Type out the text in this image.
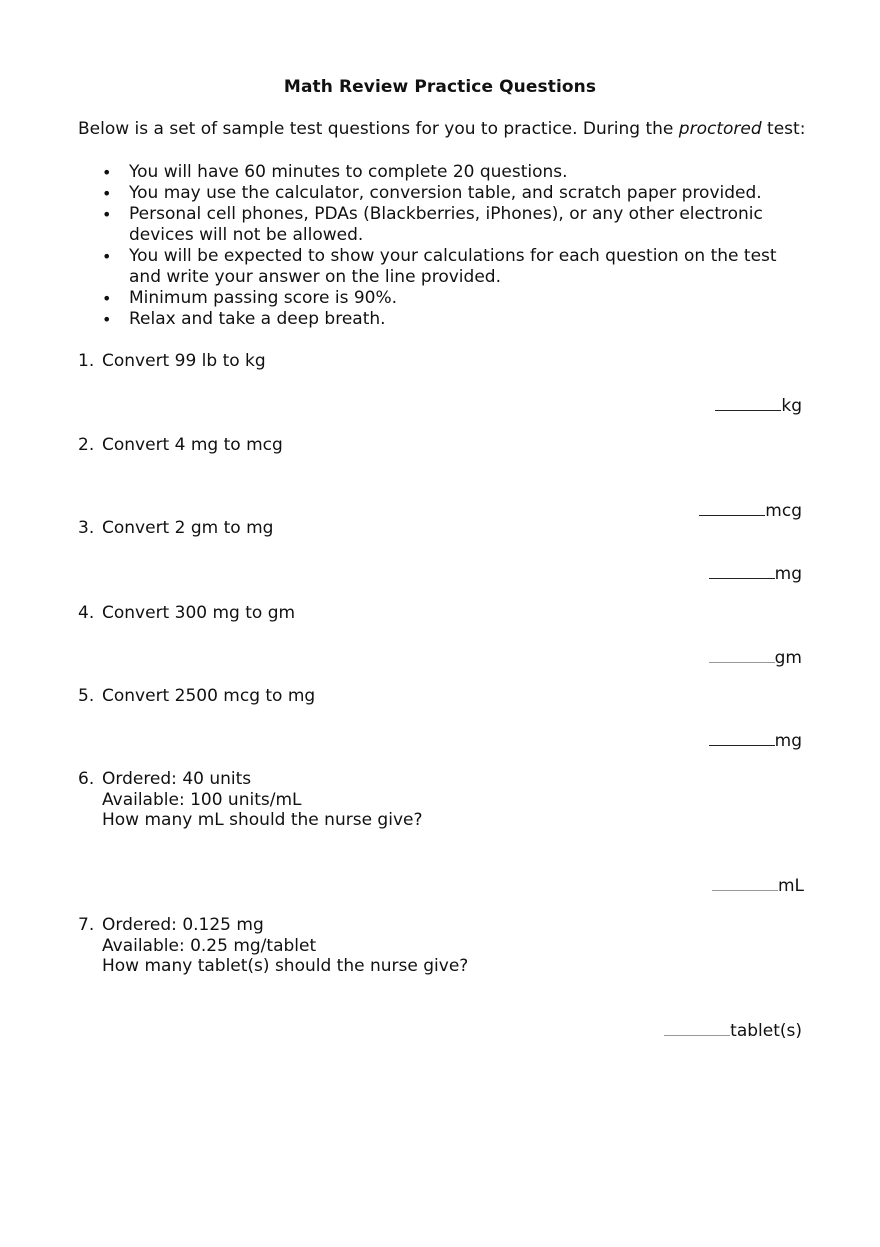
Math Review Practice Questions
Below is a set of sample test questions for you to practice. During the proctored test:
• You will have 60 minutes to complete 20 questions.
• You may use the calculator, conversion table, and scratch paper provided.
• Personal cell phones, PDAs (Blackberries, iPhones), or any other electronic devices will not be allowed.
• You will be expected to show your calculations for each question on the test and write your answer on the line provided.
• Minimum passing score is 90%.
• Relax and take a deep breath.
1. Convert 99 lb to kg
kg
2. Convert 4 mg to mcg
mcg
3. Convert 2 gm to mg
mg
4. Convert 300 mg to gm
gm
5. Convert 2500 mcg to mg
mg
6. Ordered: 40 units
Available: 100 units/mL
How many mL should the nurse give?
mL
7. Ordered: 0.125 mg
Available: 0.25 mg/tablet
How many tablet(s) should the nurse give?
tablet(s)
